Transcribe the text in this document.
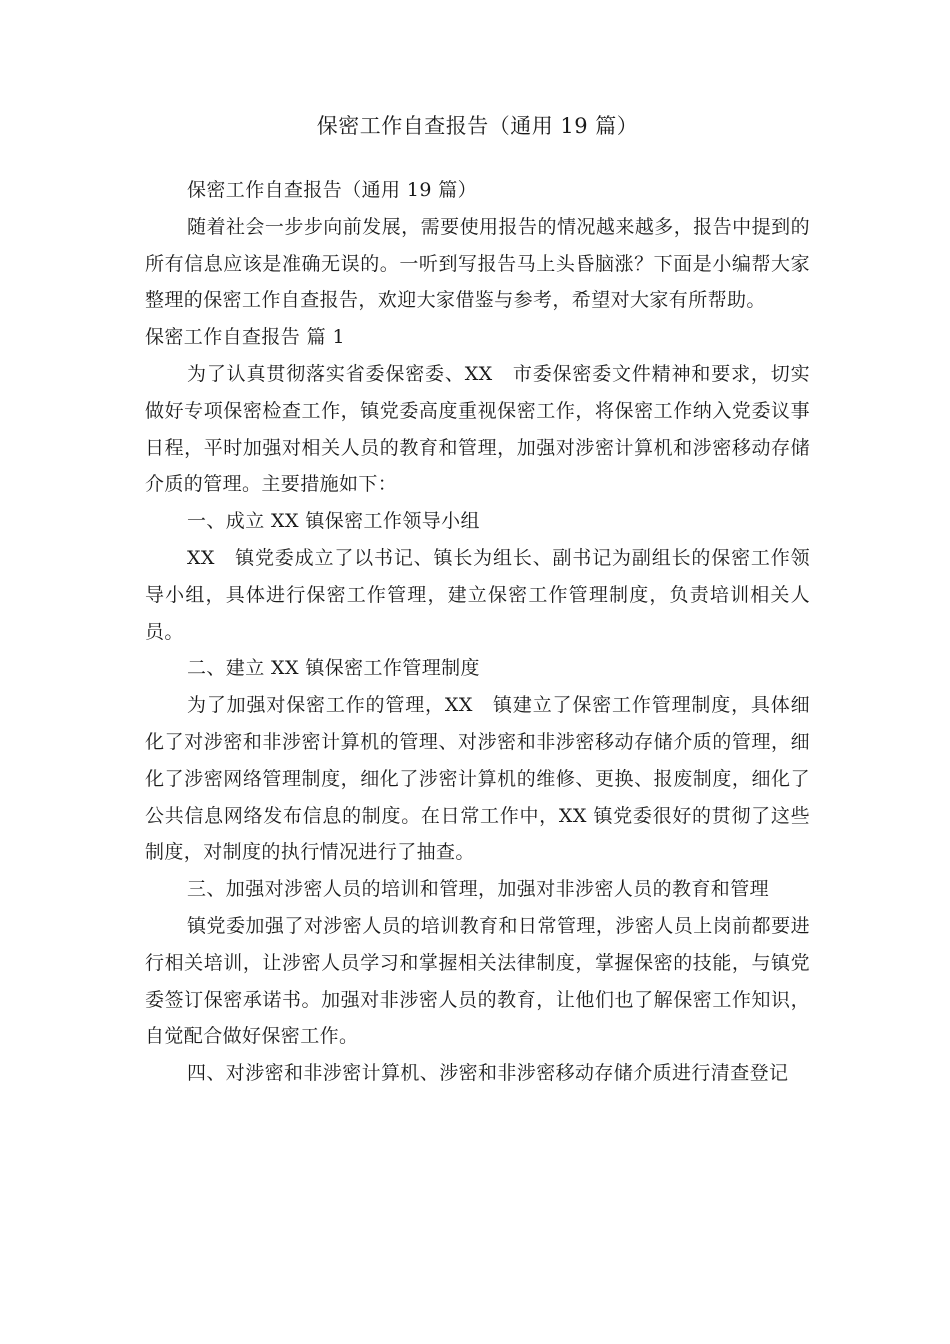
保密工作自查报告（通用 19 篇）

保密工作自查报告（通用 19 篇）

随着社会一步步向前发展，需要使用报告的情况越来越多，报告中提到的所有信息应该是准确无误的。一听到写报告马上头昏脑涨？下面是小编帮大家整理的保密工作自查报告，欢迎大家借鉴与参考，希望对大家有所帮助。

保密工作自查报告 篇 1

为了认真贯彻落实省委保密委、XX　市委保密委文件精神和要求，切实做好专项保密检查工作，镇党委高度重视保密工作，将保密工作纳入党委议事日程，平时加强对相关人员的教育和管理，加强对涉密计算机和涉密移动存储介质的管理。主要措施如下：

一、成立 XX 镇保密工作领导小组

XX　镇党委成立了以书记、镇长为组长、副书记为副组长的保密工作领导小组，具体进行保密工作管理，建立保密工作管理制度，负责培训相关人员。

二、建立 XX 镇保密工作管理制度

为了加强对保密工作的管理，XX　镇建立了保密工作管理制度，具体细化了对涉密和非涉密计算机的管理、对涉密和非涉密移动存储介质的管理，细化了涉密网络管理制度，细化了涉密计算机的维修、更换、报废制度，细化了公共信息网络发布信息的制度。在日常工作中，XX 镇党委很好的贯彻了这些制度，对制度的执行情况进行了抽查。

三、加强对涉密人员的培训和管理，加强对非涉密人员的教育和管理

镇党委加强了对涉密人员的培训教育和日常管理，涉密人员上岗前都要进行相关培训，让涉密人员学习和掌握相关法律制度，掌握保密的技能，与镇党委签订保密承诺书。加强对非涉密人员的教育，让他们也了解保密工作知识，自觉配合做好保密工作。

四、对涉密和非涉密计算机、涉密和非涉密移动存储介质进行清查登记
